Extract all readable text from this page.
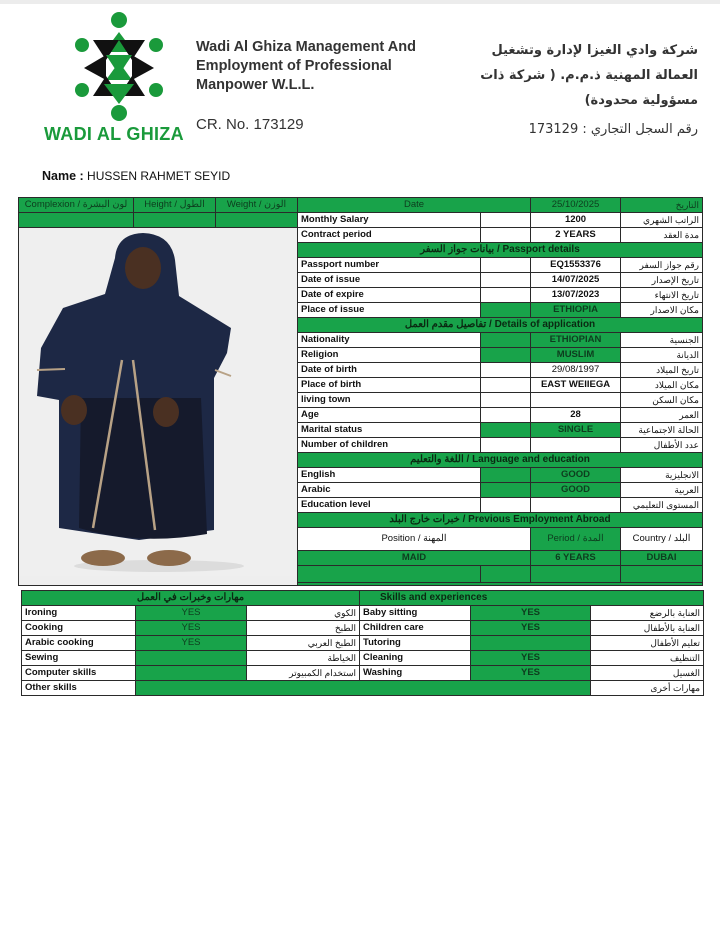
WADI AL GHIZA
Wadi Al Ghiza Management And
Employment of Professional
Manpower W.L.L.
CR. No. 173129
شركة وادي الغيزا لإدارة وتشغيل العمالة المهنية ذ.م.م. ( شركة ذات مسؤولية محدودة)
رقم السجل التجاري : 173129
Name : HUSSEN RAHMET SEYID
Complexion / لون البشرة	Height / الطول	Weight / الوزن	Date		25/10/2025	التاريخ
			Monthly Salary		1200	الراتب الشهري
	Contract period		2 YEARS	مدة العقد
			بيانات جواز السفر / Passport details			
			Passport number		EQ1553376	رقم جواز السفر
			Date of issue		14/07/2025	تاريخ الإصدار
			Date of expire		13/07/2023	تاريخ الانتهاء
			Place of issue		ETHIOPIA	مكان الاصدار
			تفاصيل مقدم العمل / Details of application			
			Nationality		ETHIOPIAN	الجنسية
			Religion		MUSLIM	الديانة
			Date of birth		29/08/1997	تاريخ الميلاد
			Place of birth		EAST WEIIEGA	مكان الميلاد
			living town			مكان السكن
			Age		28	العمر
			Marital status		SINGLE	الحالة الاجتماعية
			Number of children			عدد الأطفال
			اللغة والتعليم / Language and education			
			English		GOOD	الانجليزية
			Arabic		GOOD	العربية
			Education level			المستوى التعليمي
			خبرات خارج البلد / Previous Employment Abroad			
			Position / المهنة		Period / المدة	Country / البلد
			MAID		6 YEARS	DUBAI

مهارات وخبرات في العمل			Skills and experiences		
Ironing	YES	الكوي	Baby sitting	YES	العناية بالرضع
Cooking	YES	الطبخ	Children care	YES	العناية بالأطفال
Arabic cooking	YES	الطبخ العربي	Tutoring		تعليم الأطفال
Sewing		الخياطة	Cleaning	YES	التنظيف
Computer skills		استخدام الكمبيوتر	Washing	YES	الغسيل
Other skills					مهارات أخرى
